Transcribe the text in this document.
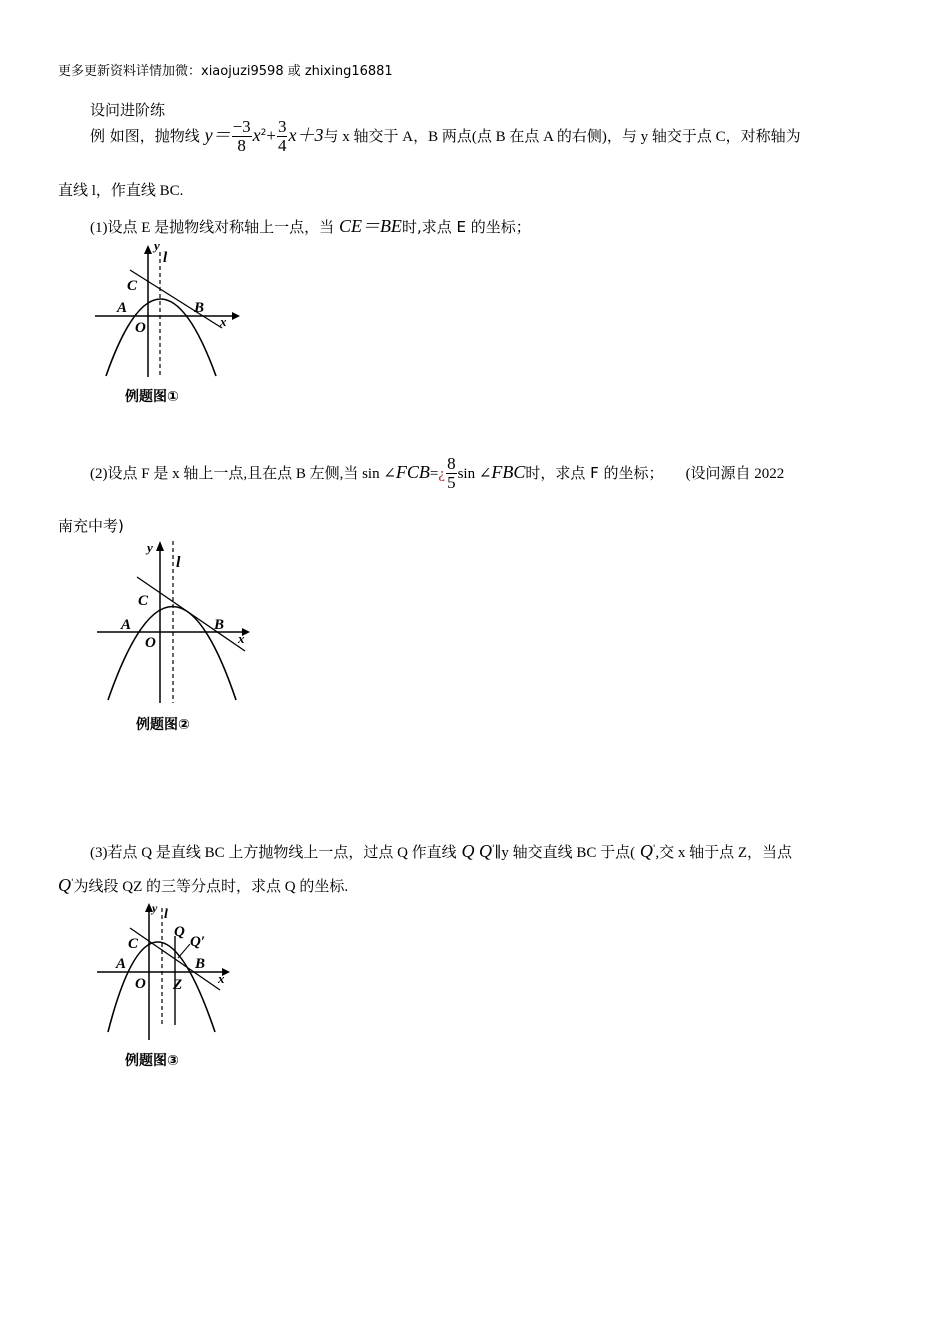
更多更新资料详情加微：xiaojuzi9598 或 zhixing16881
设问进阶练
例 如图，抛物线 $y= \frac{-3}{8} x^2+ \frac{3}{4} x+3$与 x 轴交于 A，B 两点(点 B 在点 A 的右侧)，与 y 轴交于点 C，对称轴为
直线 l，作直线 BC.
(1)设点 E 是抛物线对称轴上一点，当 CE＝BE时,求点 E 的坐标；
y
l
C
A	B
O	x
例题图①
(2)设点 F 是 x 轴上一点,且在点 B 左侧,当 sin ∠FCB=¿ $\frac{8}{5}$ sin ∠FBC时，求点 F 的坐标； (设问源自 2022
南充中考)
y
l
C
A	B
O	x
例题图②
(3)若点 Q 是直线 BC 上方抛物线上一点，过点 Q 作直线 Q Q'∥y 轴交直线 BC 于点( Q',交 x 轴于点 Z，当点
Q'为线段 QZ 的三等分点时，求点 Q 的坐标.
y l
C
A	B
O	x
Q
Q′
Z
例题图③
